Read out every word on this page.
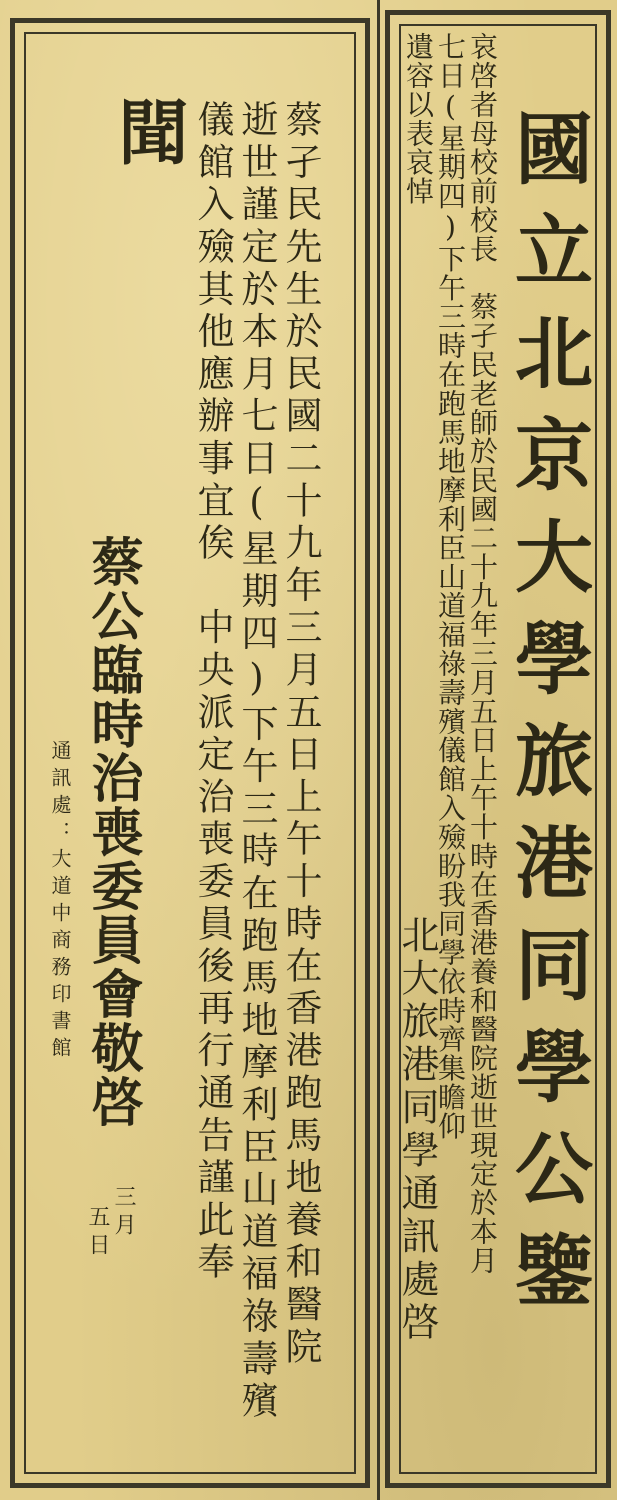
聞 蔡孑民先生於民國二十九年三月五日上午十時在香港跑馬地養和醫院
逝世謹定於本月七日(星期四)下午三時在跑馬地摩利臣山道福祿壽殯
儀館入殮其他應辦事宜俟　中央派定治喪委員後再行通告謹此奉
蔡公臨時治喪委員會敬啓
通訊處：大道中商務印書館
三月
五日	國立北京大學旅港同學公鑒
哀啓者母校前校長　蔡孑民老師於民國二十九年三月五日上午十時在香港養和醫院逝世現定於本月
七日(星期四)下午三時在跑馬地摩利臣山道福祿壽殯儀館入殮盼我同學依時齊集瞻仰
遺容以表哀悼
北大旅港同學通訊處啓
